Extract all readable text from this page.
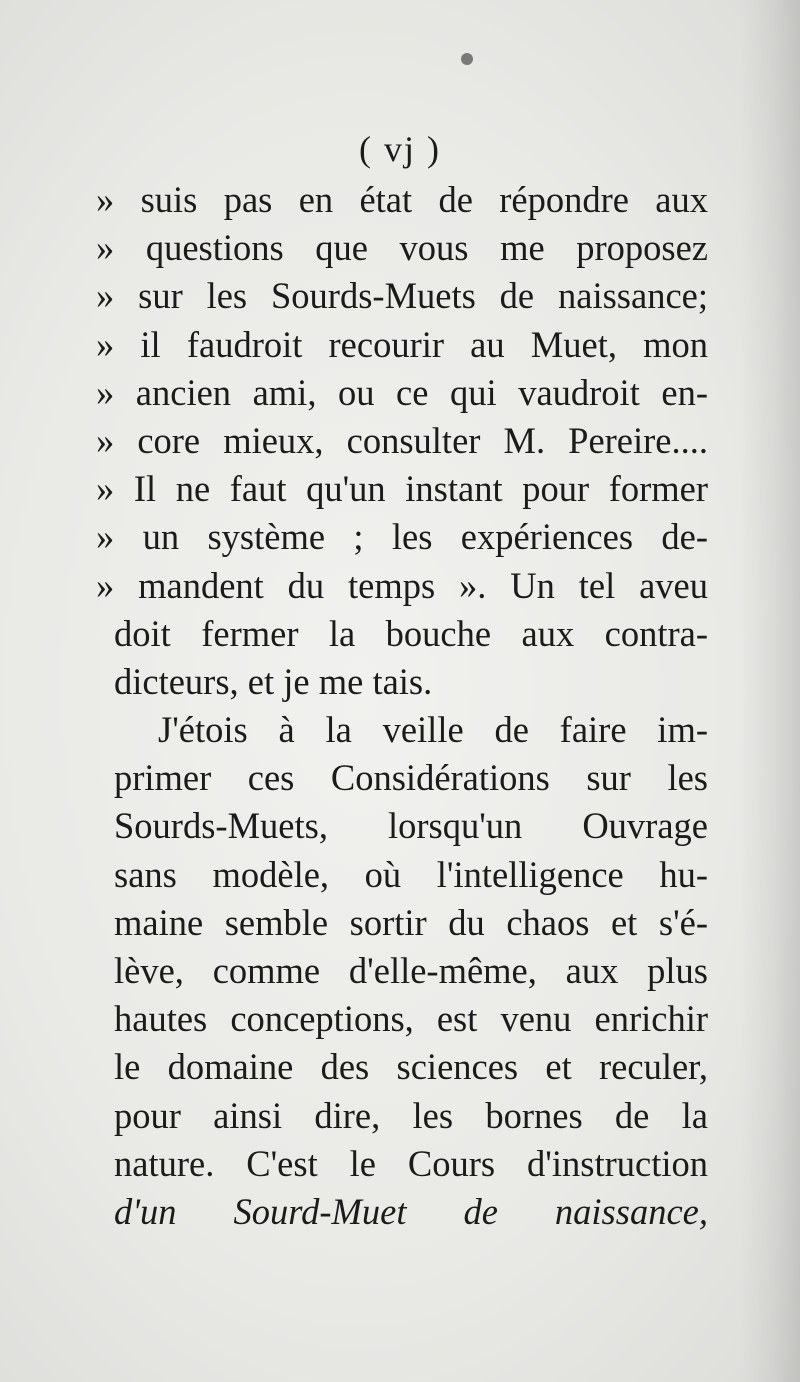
( vj )
» suis pas en état de répondre aux
» questions que vous me proposez
» sur les Sourds-Muets de naissance;
» il faudroit recourir au Muet, mon
» ancien ami, ou ce qui vaudroit en-
» core mieux, consulter M. Pereire....
» Il ne faut qu'un instant pour former
» un système ; les expériences de-
» mandent du temps ». Un tel aveu
doit fermer la bouche aux contra-
dicteurs, et je me tais.
J'étois à la veille de faire im-
primer ces Considérations sur les
Sourds-Muets, lorsqu'un Ouvrage
sans modèle, où l'intelligence hu-
maine semble sortir du chaos et s'é-
lève, comme d'elle-même, aux plus
hautes conceptions, est venu enrichir
le domaine des sciences et reculer,
pour ainsi dire, les bornes de la
nature. C'est le Cours d'instruction
d'un Sourd-Muet de naissance,
